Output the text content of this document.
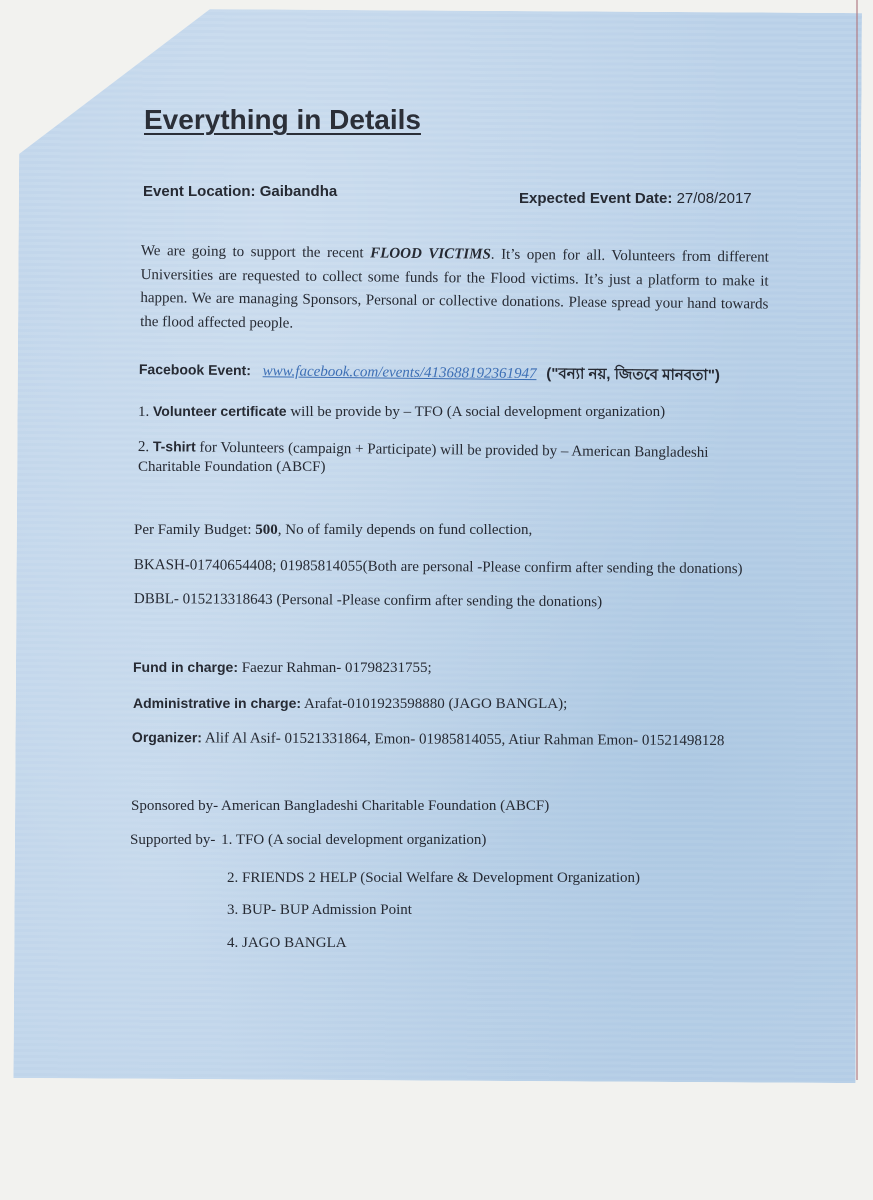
Everything in Details
Event Location: Gaibandha	Expected Event Date: 27/08/2017
We are going to support the recent FLOOD VICTIMS. It’s open for all. Volunteers from different Universities are requested to collect some funds for the Flood victims. It’s just a platform to make it happen. We are managing Sponsors, Personal or collective donations. Please spread your hand towards the flood affected people.
Facebook Event: www.facebook.com/events/413688192361947 ("বন্যা নয়, জিতবে মানবতা")
1. Volunteer certificate will be provide by – TFO (A social development organization)
2. T-shirt for Volunteers (campaign + Participate) will be provided by – American Bangladeshi
Charitable Foundation (ABCF)
Per Family Budget: 500, No of family depends on fund collection,
BKASH-01740654408; 01985814055(Both are personal -Please confirm after sending the donations)
DBBL- 015213318643 (Personal -Please confirm after sending the donations)
Fund in charge: Faezur Rahman- 01798231755;
Administrative in charge: Arafat-0101923598880 (JAGO BANGLA);
Organizer: Alif Al Asif- 01521331864, Emon- 01985814055, Atiur Rahman Emon- 01521498128
Sponsored by- American Bangladeshi Charitable Foundation (ABCF)
Supported by- 1. TFO (A social development organization)
2. FRIENDS 2 HELP (Social Welfare & Development Organization)
3. BUP- BUP Admission Point
4. JAGO BANGLA
